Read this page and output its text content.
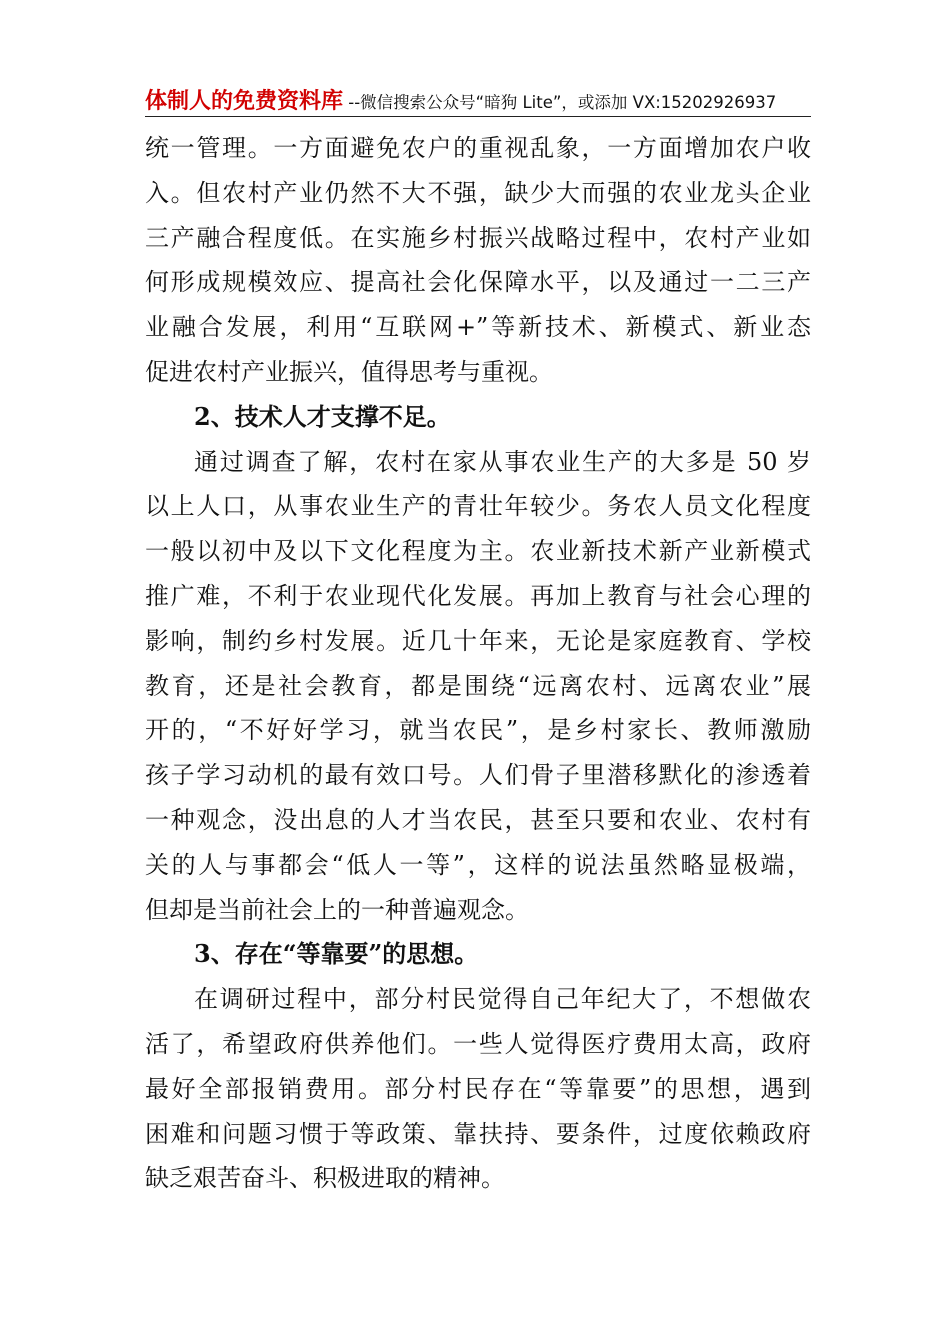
体制人的免费资料库 --微信搜索公众号“暗狗 Lite”，或添加 VX:15202926937
统一管理。一方面避免农户的重视乱象，一方面增加农户收
入。但农村产业仍然不大不强，缺少大而强的农业龙头企业
三产融合程度低。在实施乡村振兴战略过程中，农村产业如
何形成规模效应、提高社会化保障水平，以及通过一二三产
业融合发展，利用“互联网+”等新技术、新模式、新业态
促进农村产业振兴，值得思考与重视。
2、技术人才支撑不足。
通过调查了解，农村在家从事农业生产的大多是 50 岁
以上人口，从事农业生产的青壮年较少。务农人员文化程度
一般以初中及以下文化程度为主。农业新技术新产业新模式
推广难，不利于农业现代化发展。再加上教育与社会心理的
影响，制约乡村发展。近几十年来，无论是家庭教育、学校
教育，还是社会教育，都是围绕“远离农村、远离农业”展
开的，“不好好学习，就当农民”，是乡村家长、教师激励
孩子学习动机的最有效口号。人们骨子里潜移默化的渗透着
一种观念，没出息的人才当农民，甚至只要和农业、农村有
关的人与事都会“低人一等”，这样的说法虽然略显极端，
但却是当前社会上的一种普遍观念。
3、存在“等靠要”的思想。
在调研过程中，部分村民觉得自己年纪大了，不想做农
活了，希望政府供养他们。一些人觉得医疗费用太高，政府
最好全部报销费用。部分村民存在“等靠要”的思想，遇到
困难和问题习惯于等政策、靠扶持、要条件，过度依赖政府
缺乏艰苦奋斗、积极进取的精神。
